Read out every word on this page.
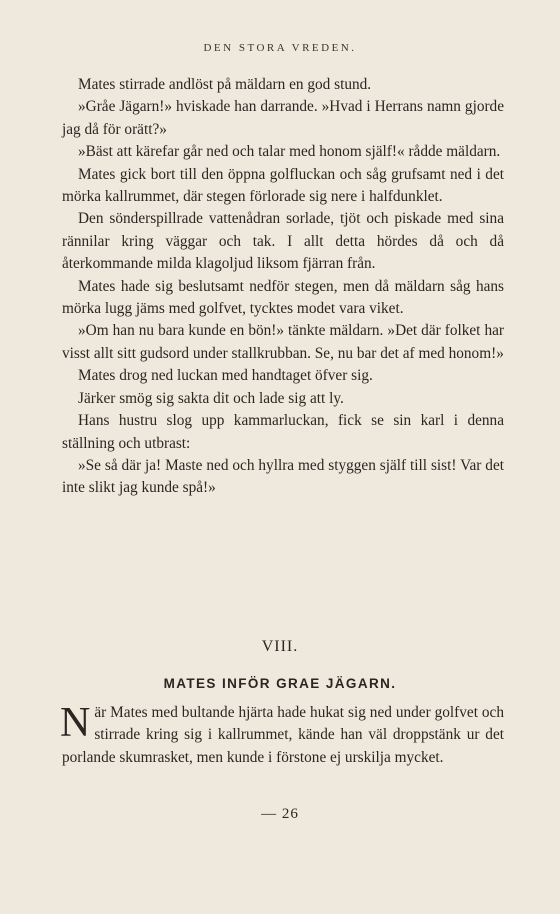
DEN STORA VREDEN.

Mates stirrade andlöst på mäldarn en god stund.

»Gråe Jägarn!» hviskade han darrande. »Hvad i Herrans namn gjorde jag då för orätt?»

»Bäst att kärefar går ned och talar med honom själf!« rådde mäldarn.

Mates gick bort till den öppna golfluckan och såg grufsamt ned i det mörka kallrummet, där stegen förlorade sig nere i halfdunklet.

Den sönderspillrade vattenådran sorlade, tjöt och piskade med sina rännilar kring väggar och tak. I allt detta hördes då och då återkommande milda klagoljud liksom fjärran från.

Mates hade sig beslutsamt nedför stegen, men då mäldarn såg hans mörka lugg jäms med golfvet, tycktes modet vara viket.

»Om han nu bara kunde en bön!» tänkte mäldarn. »Det där folket har visst allt sitt gudsord under stallkrubban. Se, nu bar det af med honom!»

Mates drog ned luckan med handtaget öfver sig.

Järker smög sig sakta dit och lade sig att ly.

Hans hustru slog upp kammarluckan, fick se sin karl i denna ställning och utbrast:

»Se så där ja! Maste ned och hyllra med styggen själf till sist! Var det inte slikt jag kunde spå!»

VIII.
MATES INFÖR GRAE JÄGARN.

När Mates med bultande hjärta hade hukat sig ned under golfvet och stirrade kring sig i kallrummet, kände han väl droppstänk ur det porlande skumrasket, men kunde i förstone ej urskilja mycket.

— 26
